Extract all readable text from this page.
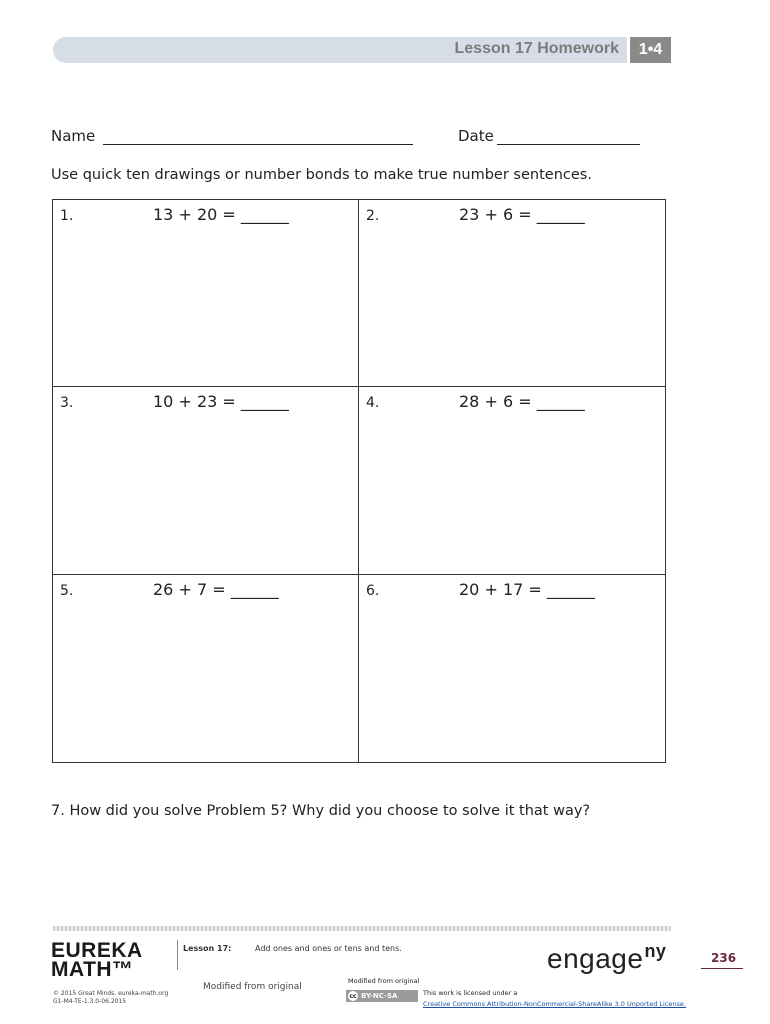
Lesson 17 Homework	1•4
Name	Date
Use quick ten drawings or number bonds to make true number sentences.
1.	13 + 20 = ______	2.	23 + 6 = ______
3.	10 + 23 = ______	4.	28 + 6 = ______
5.	26 + 7 = ______	6.	20 + 17 = ______
7. How did you solve Problem 5? Why did you choose to solve it that way?
EUREKA
MATH™
Lesson 17:	Add ones and ones or tens and tens.
© 2015 Great Minds. eureka-math.org
G1-M4-TE-1.3.0-06.2015
Modified from original
Modified from original
cc BY-NC-SA	This work is licensed under a
Creative Commons Attribution-NonCommercial-ShareAlike 3.0 Unported License.
engage$^{ny}$	236
